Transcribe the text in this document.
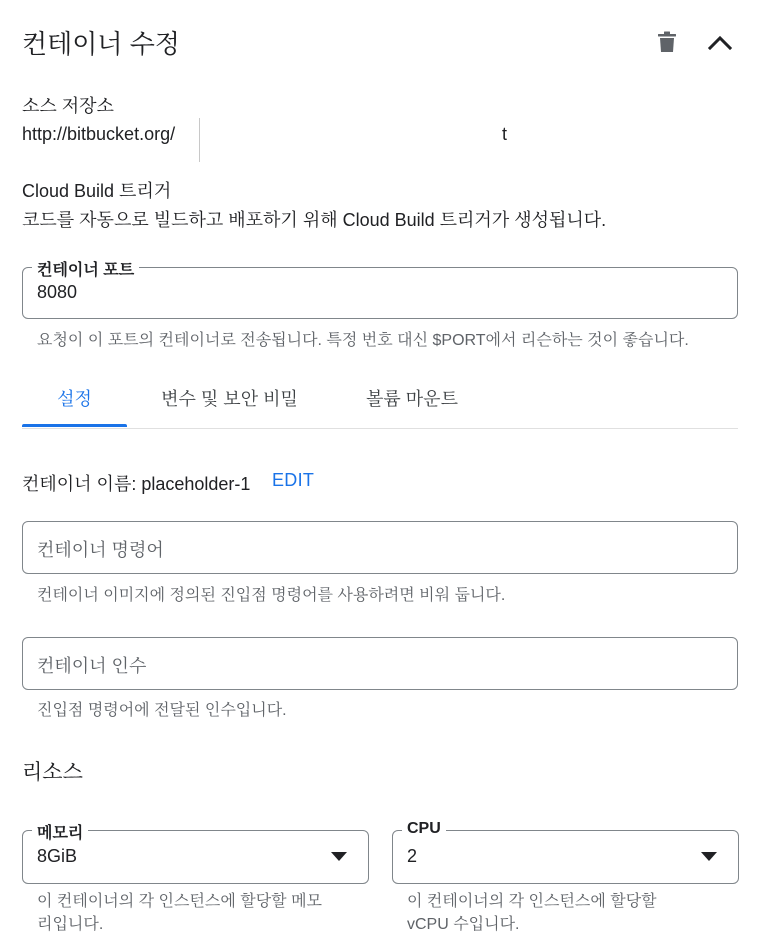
컨테이너 수정
소스 저장소
http://bitbucket.org/	t
Cloud Build 트리거
코드를 자동으로 빌드하고 배포하기 위해 Cloud Build 트리거가 생성됩니다.
컨테이너 포트
8080
요청이 이 포트의 컨테이너로 전송됩니다. 특정 번호 대신 $PORT에서 리슨하는 것이 좋습니다.
설정	변수 및 보안 비밀	볼륨 마운트
컨테이너 이름: placeholder-1 EDIT
컨테이너 명령어
컨테이너 이미지에 정의된 진입점 명령어를 사용하려면 비워 둡니다.
컨테이너 인수
진입점 명령어에 전달된 인수입니다.
리소스
메모리
8GiB
이 컨테이너의 각 인스턴스에 할당할 메모리입니다.
CPU
2
이 컨테이너의 각 인스턴스에 할당할 vCPU 수입니다.
